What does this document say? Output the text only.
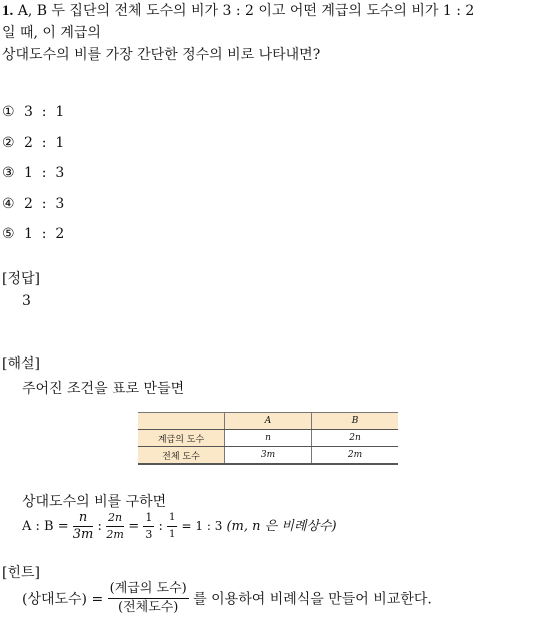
1. A, B 두 집단의 전체 도수의 비가 3 : 2 이고 어떤 계급의 도수의 비가 1 : 2
일 때, 이 계급의
상대도수의 비를 가장 간단한 정수의 비로 나타내면?
① 3  :  1
② 2  :  1
③ 1  :  3
④ 2  :  3
⑤ 1  :  2
[정답]
3
[해설]
주어진 조건을 표로 만들면
	A	B
계급의 도수	n	2n
전체 도수	3m	2m
상대도수의 비를 구하면
A : $B = \frac{n}{3m}$ : $\frac{2n}{2m} = \frac{1}{3}$ : $\frac{1}{1} = 1$ : 3 (m, n 은 비례상수)
[힌트]
(상대도수) = $\frac{\text{(계급의 도수)}}{\text{(전체도수)}}$ 를 이용하여 비례식을 만들어 비교한다.
